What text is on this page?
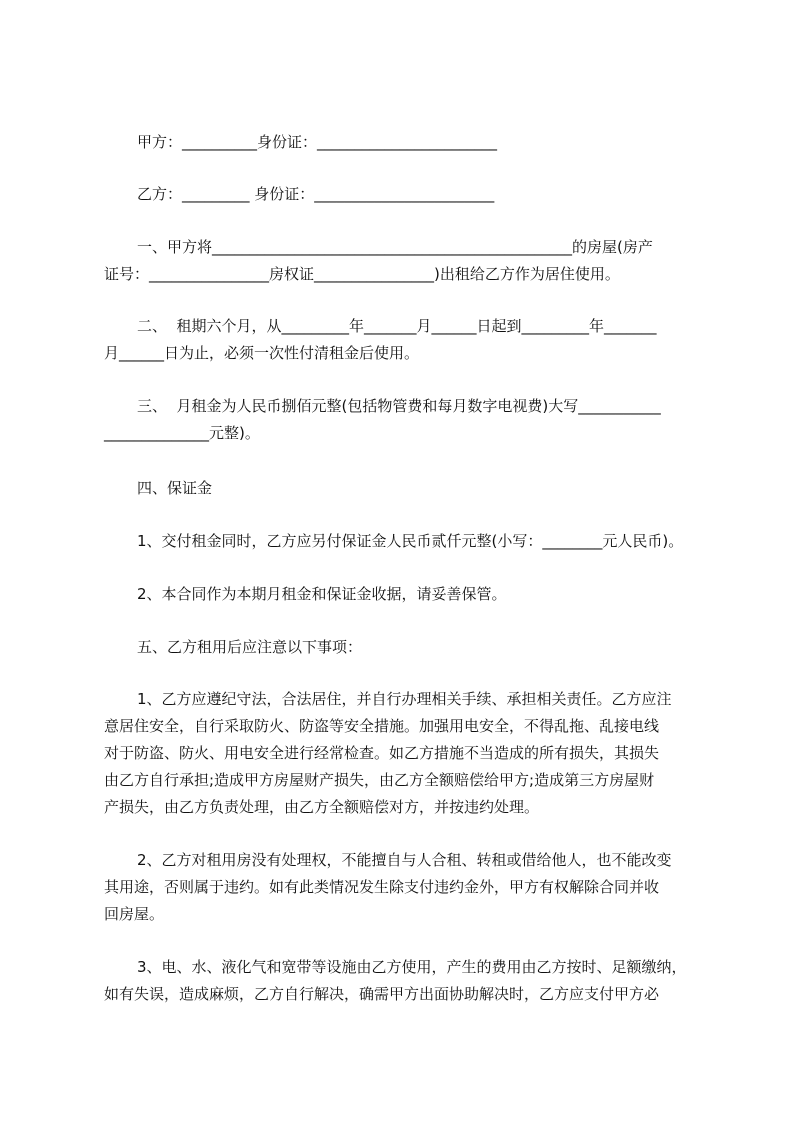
甲方：__________身份证：________________________
乙方：_________ 身份证：________________________
一、甲方将________________________________________________的房屋(房产
证号：________________房权证________________)出租给乙方作为居住使用。
二、  租期六个月，从_________年_______月______日起到_________年_______
月______日为止，必须一次性付清租金后使用。
三、  月租金为人民币捌佰元整(包括物管费和每月数字电视费)大写___________
______________元整)。
四、保证金
1、交付租金同时，乙方应另付保证金人民币贰仟元整(小写：________元人民币)。
2、本合同作为本期月租金和保证金收据，请妥善保管。
五、乙方租用后应注意以下事项：
1、乙方应遵纪守法，合法居住，并自行办理相关手续、承担相关责任。乙方应注
意居住安全，自行采取防火、防盗等安全措施。加强用电安全，不得乱拖、乱接电线
对于防盗、防火、用电安全进行经常检查。如乙方措施不当造成的所有损失，其损失
由乙方自行承担;造成甲方房屋财产损失，由乙方全额赔偿给甲方;造成第三方房屋财
产损失，由乙方负责处理，由乙方全额赔偿对方，并按违约处理。
2、乙方对租用房没有处理权，不能擅自与人合租、转租或借给他人，也不能改变
其用途，否则属于违约。如有此类情况发生除支付违约金外，甲方有权解除合同并收
回房屋。
3、电、水、液化气和宽带等设施由乙方使用，产生的费用由乙方按时、足额缴纳，
如有失误，造成麻烦，乙方自行解决，确需甲方出面协助解决时，乙方应支付甲方必
